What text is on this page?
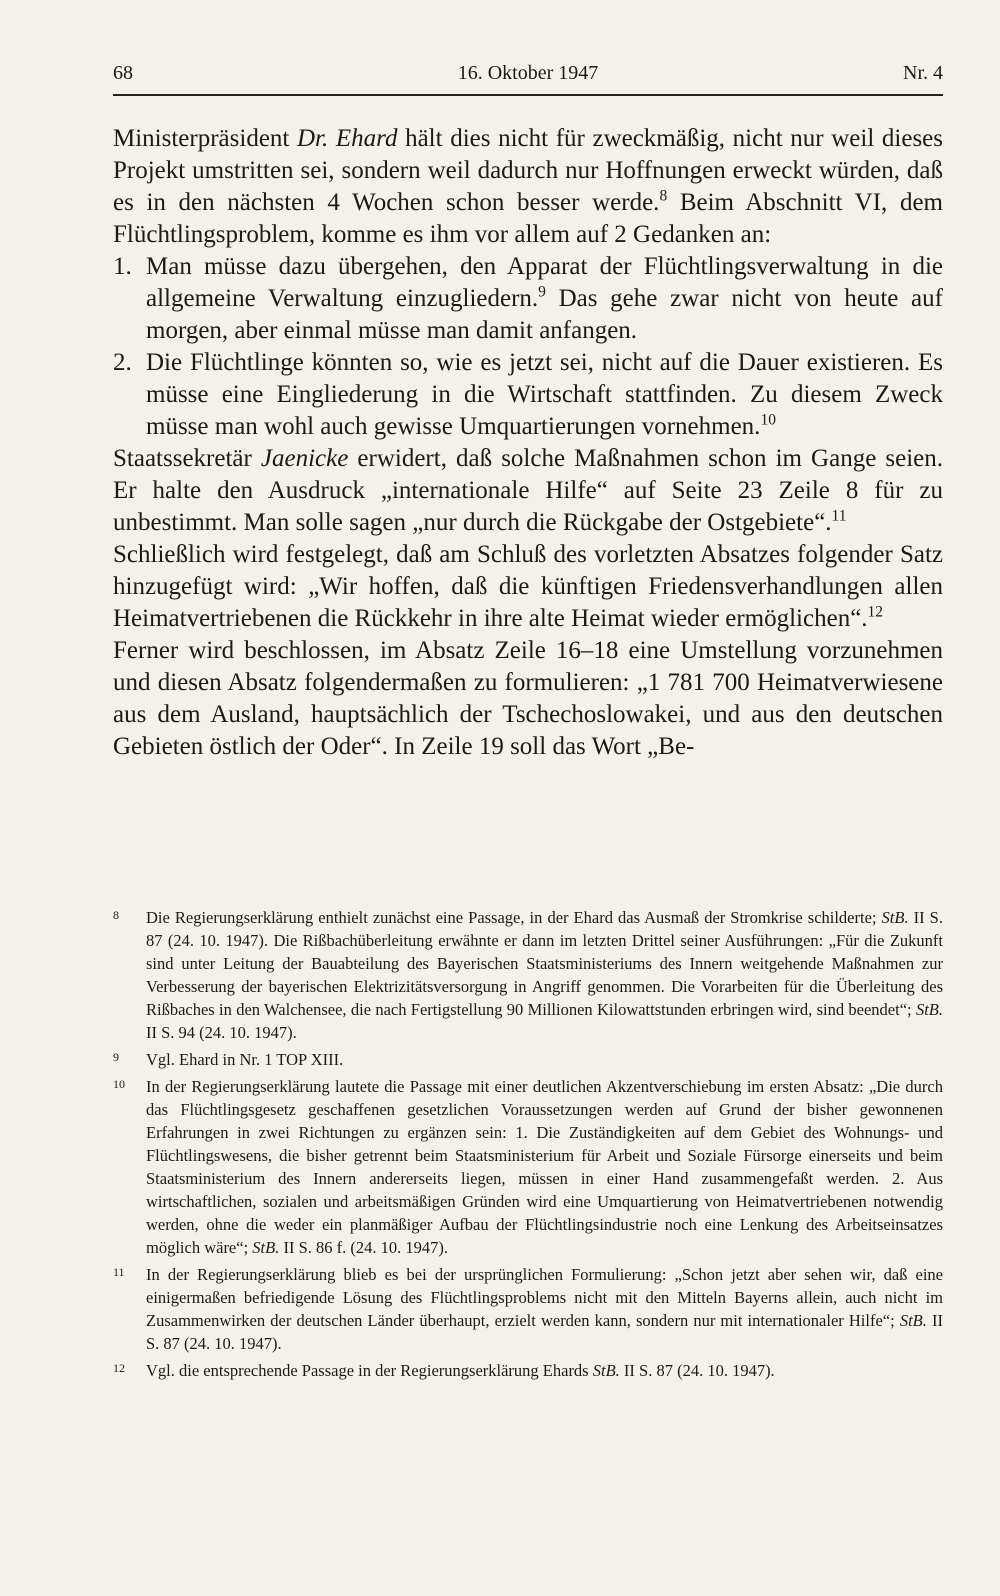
68	16. Oktober 1947	Nr. 4

Ministerpräsident Dr. Ehard hält dies nicht für zweckmäßig, nicht nur weil dieses Projekt umstritten sei, sondern weil dadurch nur Hoffnungen erweckt würden, daß es in den nächsten 4 Wochen schon besser werde.$^8$ Beim Abschnitt VI, dem Flüchtlingsproblem, komme es ihm vor allem auf 2 Gedanken an:

1. Man müsse dazu übergehen, den Apparat der Flüchtlingsverwaltung in die allgemeine Verwaltung einzugliedern.$^9$ Das gehe zwar nicht von heute auf morgen, aber einmal müsse man damit anfangen.

2. Die Flüchtlinge könnten so, wie es jetzt sei, nicht auf die Dauer existieren. Es müsse eine Eingliederung in die Wirtschaft stattfinden. Zu diesem Zweck müsse man wohl auch gewisse Umquartierungen vornehmen.$^{10}$

Staatssekretär Jaenicke erwidert, daß solche Maßnahmen schon im Gange seien. Er halte den Ausdruck „internationale Hilfe“ auf Seite 23 Zeile 8 für zu unbestimmt. Man solle sagen „nur durch die Rückgabe der Ostgebiete“.$^{11}$

Schließlich wird festgelegt, daß am Schluß des vorletzten Absatzes folgender Satz hinzugefügt wird: „Wir hoffen, daß die künftigen Friedensverhandlungen allen Heimatvertriebenen die Rückkehr in ihre alte Heimat wieder ermöglichen“.$^{12}$

Ferner wird beschlossen, im Absatz Zeile 16–18 eine Umstellung vorzunehmen und diesen Absatz folgendermaßen zu formulieren: „1 781 700 Heimatverwiesene aus dem Ausland, hauptsächlich der Tschechoslowakei, und aus den deutschen Gebieten östlich der Oder“. In Zeile 19 soll das Wort „Be-

8 Die Regierungserklärung enthielt zunächst eine Passage, in der Ehard das Ausmaß der Stromkrise schilderte; StB. II S. 87 (24. 10. 1947). Die Rißbachüberleitung erwähnte er dann im letzten Drittel seiner Ausführungen: „Für die Zukunft sind unter Leitung der Bauabteilung des Bayerischen Staatsministeriums des Innern weitgehende Maßnahmen zur Verbesserung der bayerischen Elektrizitätsversorgung in Angriff genommen. Die Vorarbeiten für die Überleitung des Rißbaches in den Walchensee, die nach Fertigstellung 90 Millionen Kilowattstunden erbringen wird, sind beendet“; StB. II S. 94 (24. 10. 1947).

9 Vgl. Ehard in Nr. 1 TOP XIII.

10 In der Regierungserklärung lautete die Passage mit einer deutlichen Akzentverschiebung im ersten Absatz: „Die durch das Flüchtlingsgesetz geschaffenen gesetzlichen Voraussetzungen werden auf Grund der bisher gewonnenen Erfahrungen in zwei Richtungen zu ergänzen sein: 1. Die Zuständigkeiten auf dem Gebiet des Wohnungs- und Flüchtlingswesens, die bisher getrennt beim Staatsministerium für Arbeit und Soziale Fürsorge einerseits und beim Staatsministerium des Innern andererseits liegen, müssen in einer Hand zusammengefaßt werden. 2. Aus wirtschaftlichen, sozialen und arbeitsmäßigen Gründen wird eine Umquartierung von Heimatvertriebenen notwendig werden, ohne die weder ein planmäßiger Aufbau der Flüchtlingsindustrie noch eine Lenkung des Arbeitseinsatzes möglich wäre“; StB. II S. 86 f. (24. 10. 1947).

11 In der Regierungserklärung blieb es bei der ursprünglichen Formulierung: „Schon jetzt aber sehen wir, daß eine einigermaßen befriedigende Lösung des Flüchtlingsproblems nicht mit den Mitteln Bayerns allein, auch nicht im Zusammenwirken der deutschen Länder überhaupt, erzielt werden kann, sondern nur mit internationaler Hilfe“; StB. II S. 87 (24. 10. 1947).

12 Vgl. die entsprechende Passage in der Regierungserklärung Ehards StB. II S. 87 (24. 10. 1947).
